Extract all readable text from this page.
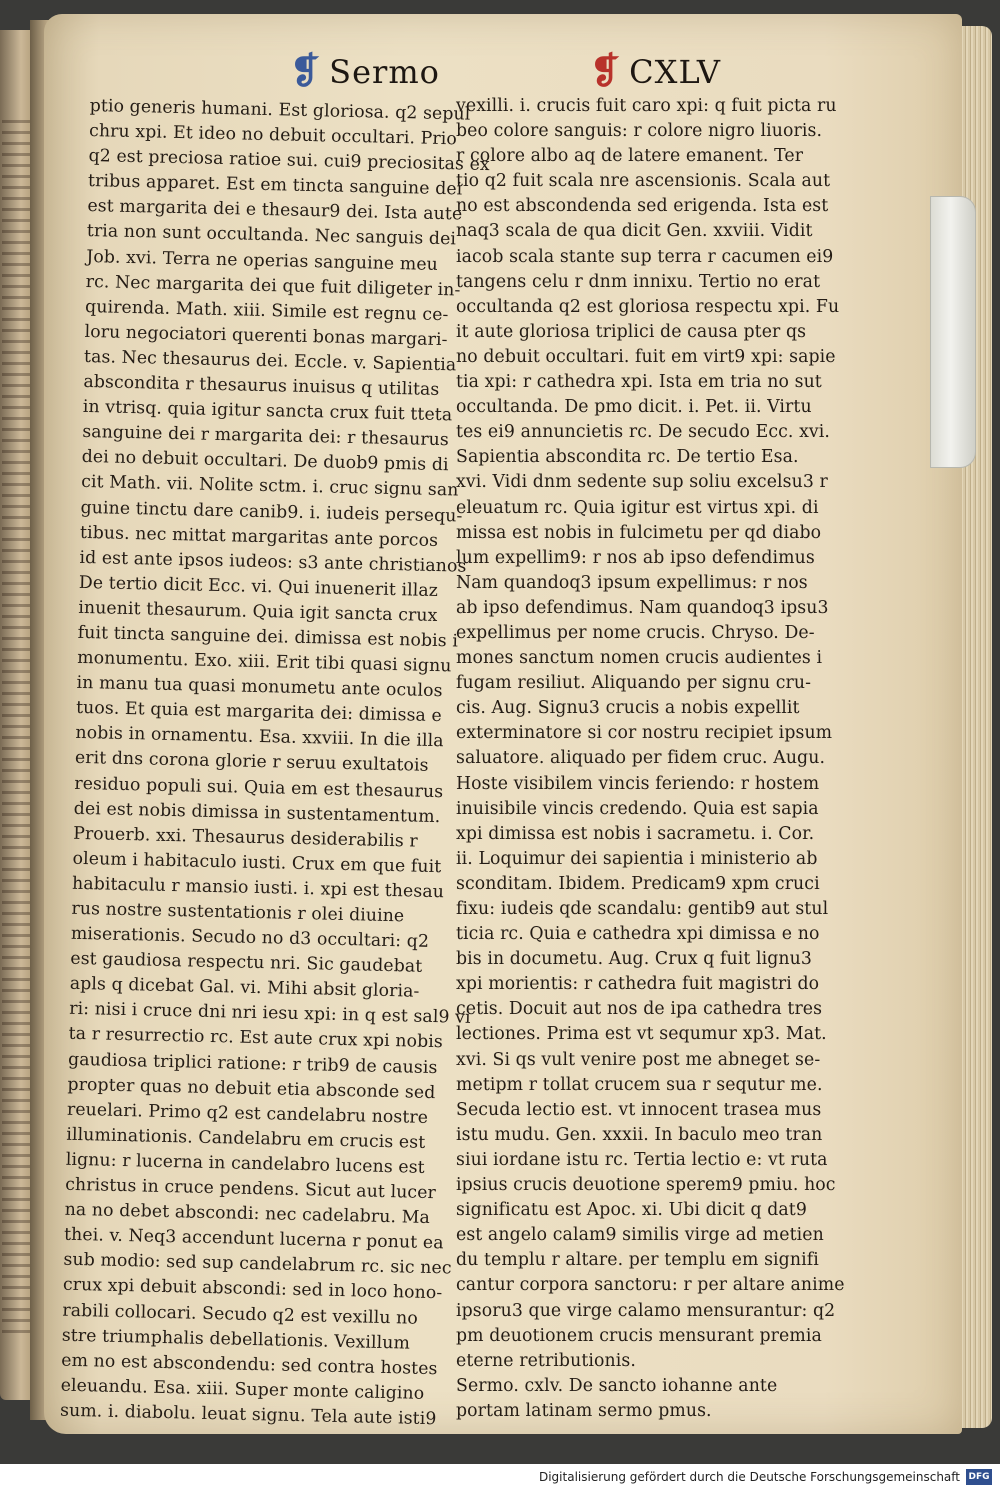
❡ Sermo	❡ CXLV
ptio generis humani. Est gloriosa. q2 sepul
chru xpi. Et ideo no debuit occultari. Prio
q2 est preciosa ratioe sui. cui9 preciositas ex
tribus apparet. Est em tincta sanguine dei
est margarita dei e thesaur9 dei. Ista aute
tria non sunt occultanda. Nec sanguis dei
Job. xvi. Terra ne operias sanguine meu
rc. Nec margarita dei que fuit diligeter in-
quirenda. Math. xiii. Simile est regnu ce-
loru negociatori querenti bonas margari-
tas. Nec thesaurus dei. Eccle. v. Sapientia
abscondita r thesaurus inuisus q utilitas
in vtrisq. quia igitur sancta crux fuit tteta
sanguine dei r margarita dei: r thesaurus
dei no debuit occultari. De duob9 pmis di
cit Math. vii. Nolite sctm. i. cruc signu san
guine tinctu dare canib9. i. iudeis persequ-
tibus. nec mittat margaritas ante porcos
id est ante ipsos iudeos: s3 ante christianos
De tertio dicit Ecc. vi. Qui inuenerit illaz
inuenit thesaurum. Quia igit sancta crux
fuit tincta sanguine dei. dimissa est nobis i
monumentu. Exo. xiii. Erit tibi quasi signu
in manu tua quasi monumetu ante oculos
tuos. Et quia est margarita dei: dimissa e
nobis in ornamentu. Esa. xxviii. In die illa
erit dns corona glorie r seruu exultatois
residuo populi sui. Quia em est thesaurus
dei est nobis dimissa in sustentamentum.
Prouerb. xxi. Thesaurus desiderabilis r
oleum i habitaculo iusti. Crux em que fuit
habitaculu r mansio iusti. i. xpi est thesau
rus nostre sustentationis r olei diuine
miserationis. Secudo no d3 occultari: q2
est gaudiosa respectu nri. Sic gaudebat
apls q dicebat Gal. vi. Mihi absit gloria-
ri: nisi i cruce dni nri iesu xpi: in q est sal9 vi
ta r resurrectio rc. Est aute crux xpi nobis
gaudiosa triplici ratione: r trib9 de causis
propter quas no debuit etia absconde sed
reuelari. Primo q2 est candelabru nostre
illuminationis. Candelabru em crucis est
lignu: r lucerna in candelabro lucens est
christus in cruce pendens. Sicut aut lucer
na no debet abscondi: nec cadelabru. Ma
thei. v. Neq3 accendunt lucerna r ponut ea
sub modio: sed sup candelabrum rc. sic nec
crux xpi debuit abscondi: sed in loco hono-
rabili collocari. Secudo q2 est vexillu no
stre triumphalis debellationis. Vexillum
em no est abscondendu: sed contra hostes
eleuandu. Esa. xiii. Super monte caligino
sum. i. diabolu. leuat signu. Tela aute isti9
vexilli. i. crucis fuit caro xpi: q fuit picta ru
beo colore sanguis: r colore nigro liuoris.
r colore albo aq de latere emanent. Ter
tio q2 fuit scala nre ascensionis. Scala aut
no est abscondenda sed erigenda. Ista est
naq3 scala de qua dicit Gen. xxviii. Vidit
iacob scala stante sup terra r cacumen ei9
tangens celu r dnm innixu. Tertio no erat
occultanda q2 est gloriosa respectu xpi. Fu
it aute gloriosa triplici de causa pter qs
no debuit occultari. fuit em virt9 xpi: sapie
tia xpi: r cathedra xpi. Ista em tria no sut
occultanda. De pmo dicit. i. Pet. ii. Virtu
tes ei9 annuncietis rc. De secudo Ecc. xvi.
Sapientia abscondita rc. De tertio Esa.
xvi. Vidi dnm sedente sup soliu excelsu3 r
eleuatum rc. Quia igitur est virtus xpi. di
missa est nobis in fulcimetu per qd diabo
lum expellim9: r nos ab ipso defendimus
Nam quandoq3 ipsum expellimus: r nos
ab ipso defendimus. Nam quandoq3 ipsu3
expellimus per nome crucis. Chryso. De-
mones sanctum nomen crucis audientes i
fugam resiliut. Aliquando per signu cru-
cis. Aug. Signu3 crucis a nobis expellit
exterminatore si cor nostru recipiet ipsum
saluatore. aliquado per fidem cruc. Augu.
Hoste visibilem vincis feriendo: r hostem
inuisibile vincis credendo. Quia est sapia
xpi dimissa est nobis i sacrametu. i. Cor.
ii. Loquimur dei sapientia i ministerio ab
sconditam. Ibidem. Predicam9 xpm cruci
fixu: iudeis qde scandalu: gentib9 aut stul
ticia rc. Quia e cathedra xpi dimissa e no
bis in documetu. Aug. Crux q fuit lignu3
xpi morientis: r cathedra fuit magistri do
cetis. Docuit aut nos de ipa cathedra tres
lectiones. Prima est vt sequmur xp3. Mat.
xvi. Si qs vult venire post me abneget se-
metipm r tollat crucem sua r sequtur me.
Secuda lectio est. vt innocent trasea mus
istu mudu. Gen. xxxii. In baculo meo tran
siui iordane istu rc. Tertia lectio e: vt ruta
ipsius crucis deuotione sperem9 pmiu. hoc
significatu est Apoc. xi. Ubi dicit q dat9
est angelo calam9 similis virge ad metien
du templu r altare. per templu em signifi
cantur corpora sanctoru: r per altare anime
ipsoru3 que virge calamo mensurantur: q2
pm deuotionem crucis mensurant premia
eterne retributionis.
Sermo. cxlv. De sancto iohanne ante
portam latinam sermo pmus.
Digitalisierung gefördert durch die Deutsche Forschungsgemeinschaft DFG
